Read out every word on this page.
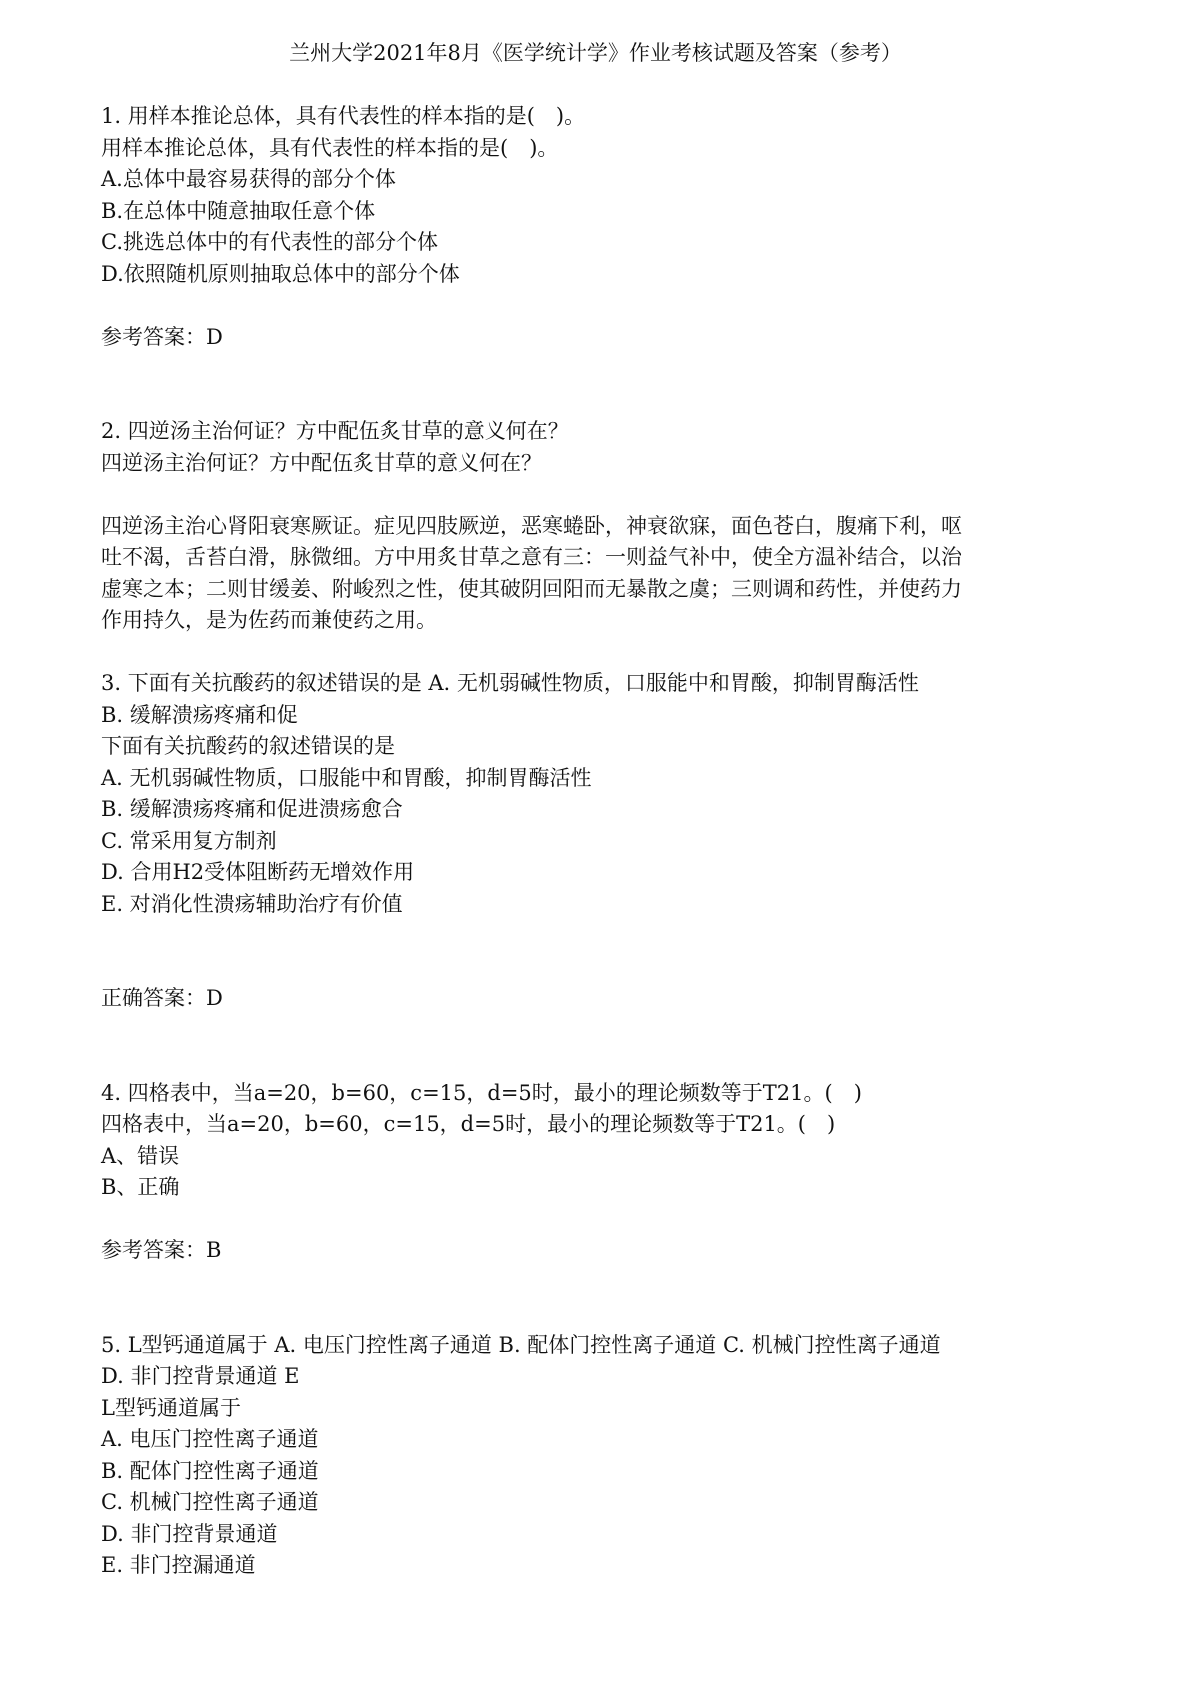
兰州大学2021年8月《医学统计学》作业考核试题及答案（参考）
1. 用样本推论总体，具有代表性的样本指的是(　)。
用样本推论总体，具有代表性的样本指的是(　)。
A.总体中最容易获得的部分个体
B.在总体中随意抽取任意个体
C.挑选总体中的有代表性的部分个体
D.依照随机原则抽取总体中的部分个体
参考答案：D
2. 四逆汤主治何证？方中配伍炙甘草的意义何在？
四逆汤主治何证？方中配伍炙甘草的意义何在？
四逆汤主治心肾阳衰寒厥证。症见四肢厥逆，恶寒蜷卧，神衰欲寐，面色苍白，腹痛下利，呕
吐不渴，舌苔白滑，脉微细。方中用炙甘草之意有三：一则益气补中，使全方温补结合，以治
虚寒之本；二则甘缓姜、附峻烈之性，使其破阴回阳而无暴散之虞；三则调和药性，并使药力
作用持久，是为佐药而兼使药之用。
3. 下面有关抗酸药的叙述错误的是 A. 无机弱碱性物质，口服能中和胃酸，抑制胃酶活性
B. 缓解溃疡疼痛和促
下面有关抗酸药的叙述错误的是
A. 无机弱碱性物质，口服能中和胃酸，抑制胃酶活性
B. 缓解溃疡疼痛和促进溃疡愈合
C. 常采用复方制剂
D. 合用H2受体阻断药无增效作用
E. 对消化性溃疡辅助治疗有价值
正确答案：D
4. 四格表中，当a=20，b=60，c=15，d=5时，最小的理论频数等于T21。(　)
四格表中，当a=20，b=60，c=15，d=5时，最小的理论频数等于T21。(　)
A、错误
B、正确
参考答案：B
5. L型钙通道属于 A. 电压门控性离子通道 B. 配体门控性离子通道 C. 机械门控性离子通道
D. 非门控背景通道 E
L型钙通道属于
A. 电压门控性离子通道
B. 配体门控性离子通道
C. 机械门控性离子通道
D. 非门控背景通道
E. 非门控漏通道
